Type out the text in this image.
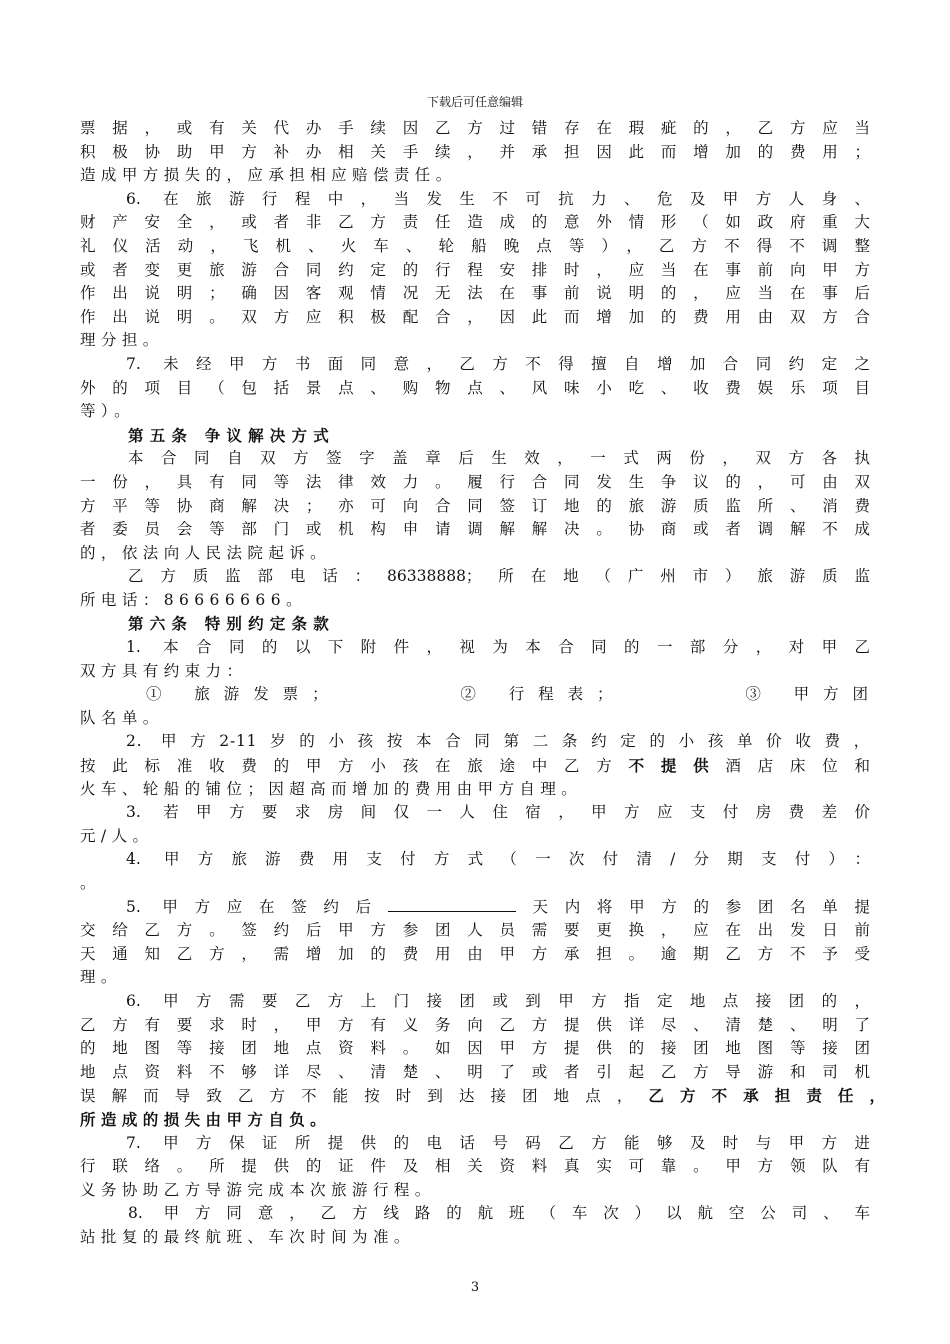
下载后可任意编辑
票据，或有关代办手续因乙方过错存在瑕疵的，乙方应当
积极协助甲方补办相关手续，并承担因此而增加的费用；
造成甲方损失的，应承担相应赔偿责任。
6. 在旅游行程中，当发生不可抗力、危及甲方人身、
财产安全，或者非乙方责任造成的意外情形（如政府重大
礼仪活动，飞机、火车、轮船晚点等），乙方不得不调整
或者变更旅游合同约定的行程安排时，应当在事前向甲方
作出说明；确因客观情况无法在事前说明的，应当在事后
作出说明。双方应积极配合，因此而增加的费用由双方合
理分担。
7. 未经甲方书面同意，乙方不得擅自增加合同约定之
外的项目（包括景点、购物点、风味小吃、收费娱乐项目
等）。
第五条 争议解决方式
本合同自双方签字盖章后生效，一式两份，双方各执
一份，具有同等法律效力。履行合同发生争议的，可由双
方平等协商解决；亦可向合同签订地的旅游质监所、消费
者委员会等部门或机构申请调解解决。协商或者调解不成
的，依法向人民法院起诉。
乙方质监部电话：86338888；所在地（广州市）旅游质监
所电话：86666666。
第六条 特别约定条款
1. 本合同的以下附件，视为本合同的一部分，对甲乙
双方具有约束力：
① 旅游发票；	② 行程表；	③ 甲方团
队名单。
2. 甲方2-11岁的小孩按本合同第二条约定的小孩单价收费，
按此标准收费的甲方小孩在旅途中乙方不提供酒店床位和
火车、轮船的铺位；因超高而增加的费用由甲方自理。
3. 若甲方要求房间仅一人住宿，甲方应支付房费差价
元/人。
4. 甲方旅游费用支付方式（一次付清/分期支付）：
。
5. 甲方应在签约后	天内将甲方的参团名单提
交给乙方。签约后甲方参团人员需要更换，应在出发日前
天通知乙方，需增加的费用由甲方承担。逾期乙方不予受
理。
6. 甲方需要乙方上门接团或到甲方指定地点接团的，
乙方有要求时，甲方有义务向乙方提供详尽、清楚、明了
的地图等接团地点资料。如因甲方提供的接团地图等接团
地点资料不够详尽、清楚、明了或者引起乙方导游和司机
误解而导致乙方不能按时到达接团地点，乙方不承担责任，
所造成的损失由甲方自负。
7. 甲方保证所提供的电话号码乙方能够及时与甲方进
行联络。所提供的证件及相关资料真实可靠。甲方领队有
义务协助乙方导游完成本次旅游行程。
8. 甲方同意，乙方线路的航班（车次）以航空公司、车
站批复的最终航班、车次时间为准。
3
